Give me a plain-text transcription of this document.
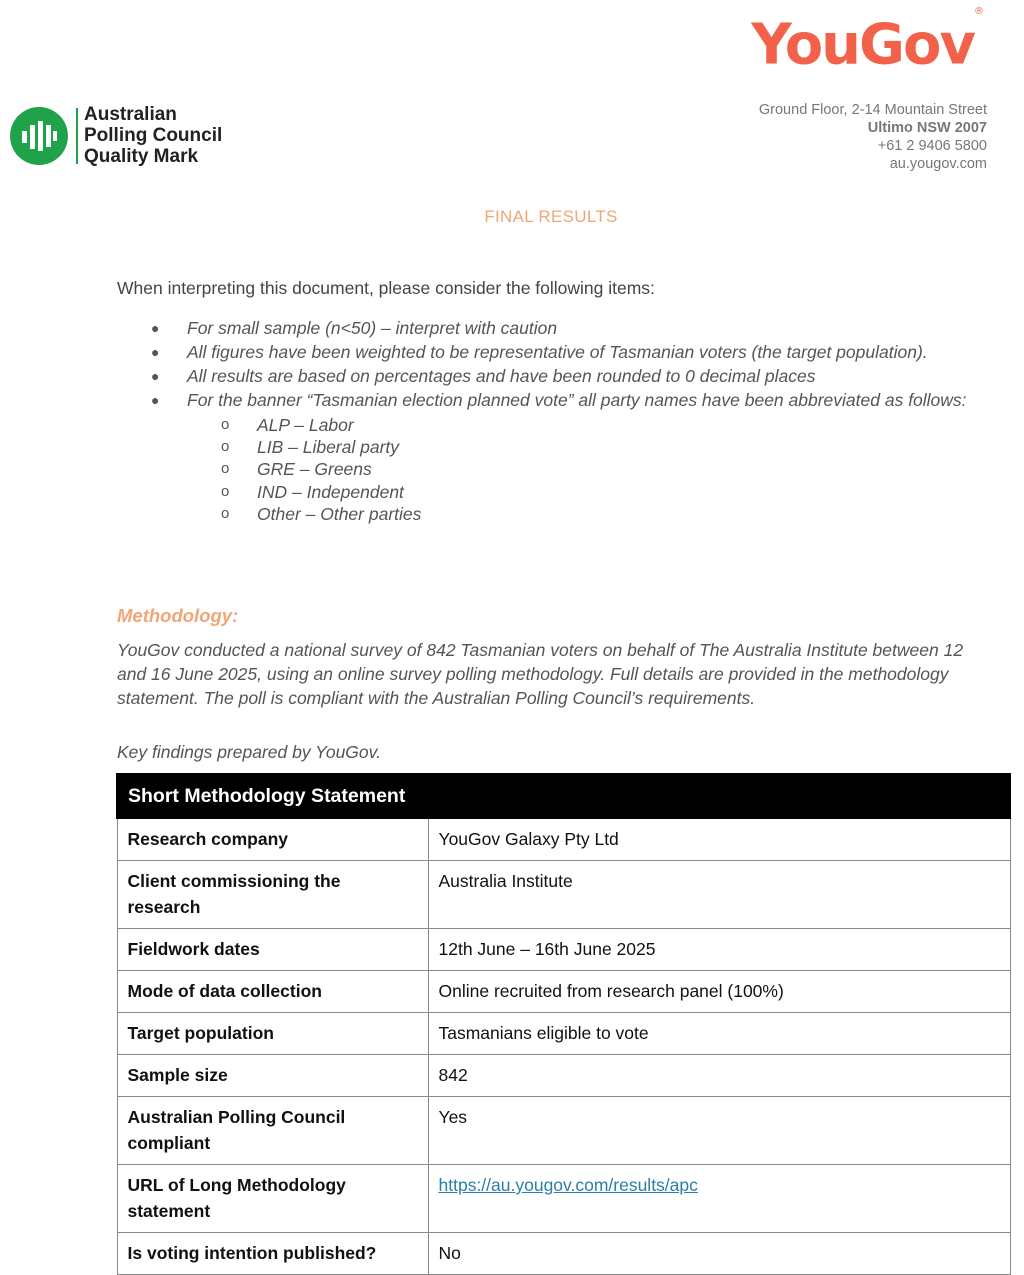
YouGov®
Australian
Polling Council
Quality Mark
Ground Floor, 2-14 Mountain Street
Ultimo NSW 2007
+61 2 9406 5800
au.yougov.com
FINAL RESULTS
When interpreting this document, please consider the following items:
● For small sample (n<50) – interpret with caution
● All figures have been weighted to be representative of Tasmanian voters (the target population).
● All results are based on percentages and have been rounded to 0 decimal places
● For the banner “Tasmanian election planned vote” all party names have been abbreviated as follows:
o ALP – Labor
o LIB – Liberal party
o GRE – Greens
o IND – Independent
o Other – Other parties
Methodology:
YouGov conducted a national survey of 842 Tasmanian voters on behalf of The Australia Institute between 12 and 16 June 2025, using an online survey polling methodology. Full details are provided in the methodology statement. The poll is compliant with the Australian Polling Council’s requirements.
Key findings prepared by YouGov.
Short Methodology Statement	
Research company	YouGov Galaxy Pty Ltd
Client commissioning the research	Australia Institute
Fieldwork dates	12th June – 16th June 2025
Mode of data collection	Online recruited from research panel (100%)
Target population	Tasmanians eligible to vote
Sample size	842
Australian Polling Council compliant	Yes
URL of Long Methodology statement	https://au.yougov.com/results/apc
Is voting intention published?	No
